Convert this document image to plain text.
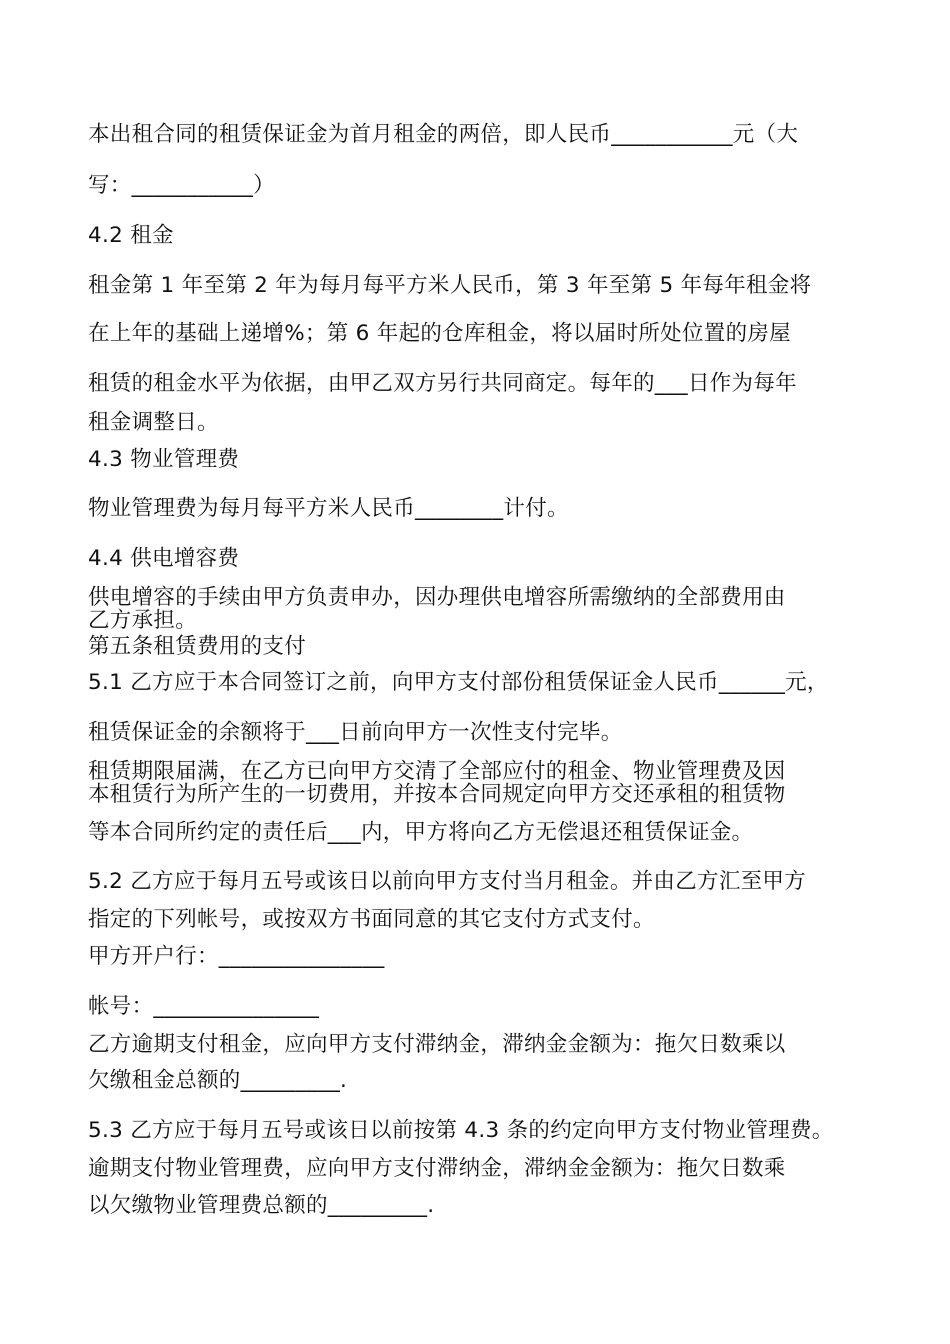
本出租合同的租赁保证金为首月租金的两倍，即人民币___________元（大
写：___________）
4.2 租金
租金第 1 年至第 2 年为每月每平方米人民币，第 3 年至第 5 年每年租金将
在上年的基础上递增%；第 6 年起的仓库租金，将以届时所处位置的房屋
租赁的租金水平为依据，由甲乙双方另行共同商定。每年的___日作为每年
租金调整日。
4.3 物业管理费
物业管理费为每月每平方米人民币________计付。
4.4 供电增容费
供电增容的手续由甲方负责申办，因办理供电增容所需缴纳的全部费用由
乙方承担。
第五条租赁费用的支付
5.1 乙方应于本合同签订之前，向甲方支付部份租赁保证金人民币______元，
租赁保证金的余额将于___日前向甲方一次性支付完毕。
租赁期限届满，在乙方已向甲方交清了全部应付的租金、物业管理费及因
本租赁行为所产生的一切费用，并按本合同规定向甲方交还承租的租赁物
等本合同所约定的责任后___内，甲方将向乙方无偿退还租赁保证金。
5.2 乙方应于每月五号或该日以前向甲方支付当月租金。并由乙方汇至甲方
指定的下列帐号，或按双方书面同意的其它支付方式支付。
甲方开户行：_______________
帐号：_______________
乙方逾期支付租金，应向甲方支付滞纳金，滞纳金金额为：拖欠日数乘以
欠缴租金总额的_________.
5.3 乙方应于每月五号或该日以前按第 4.3 条的约定向甲方支付物业管理费。
逾期支付物业管理费，应向甲方支付滞纳金，滞纳金金额为：拖欠日数乘
以欠缴物业管理费总额的_________.
